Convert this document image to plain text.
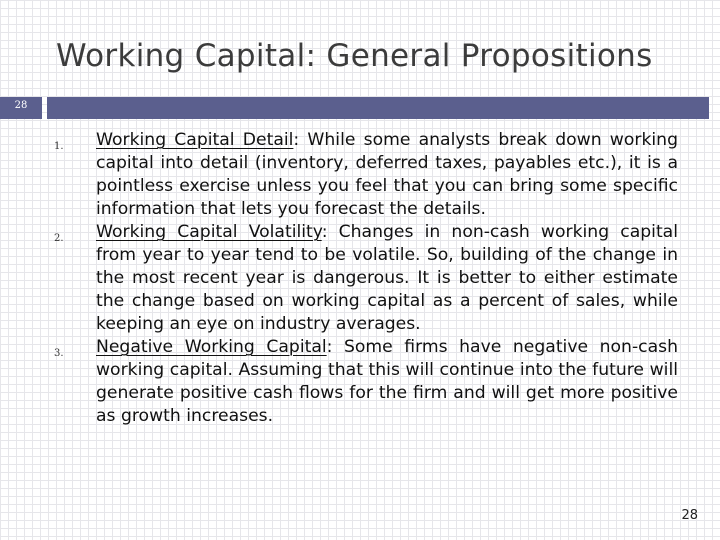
Working Capital: General Propositions
28
1. Working Capital Detail: While some analysts break down working capital into detail (inventory, deferred taxes, payables etc.), it is a pointless exercise unless you feel that you can bring some specific information that lets you forecast the details.
2. Working Capital Volatility: Changes in non-cash working capital from year to year tend to be volatile. So, building of the change in the most recent year is dangerous. It is better to either estimate the change based on working capital as a percent of sales, while keeping an eye on industry averages.
3. Negative Working Capital: Some firms have negative non-cash working capital. Assuming that this will continue into the future will generate positive cash flows for the firm and will get more positive as growth increases.
28
